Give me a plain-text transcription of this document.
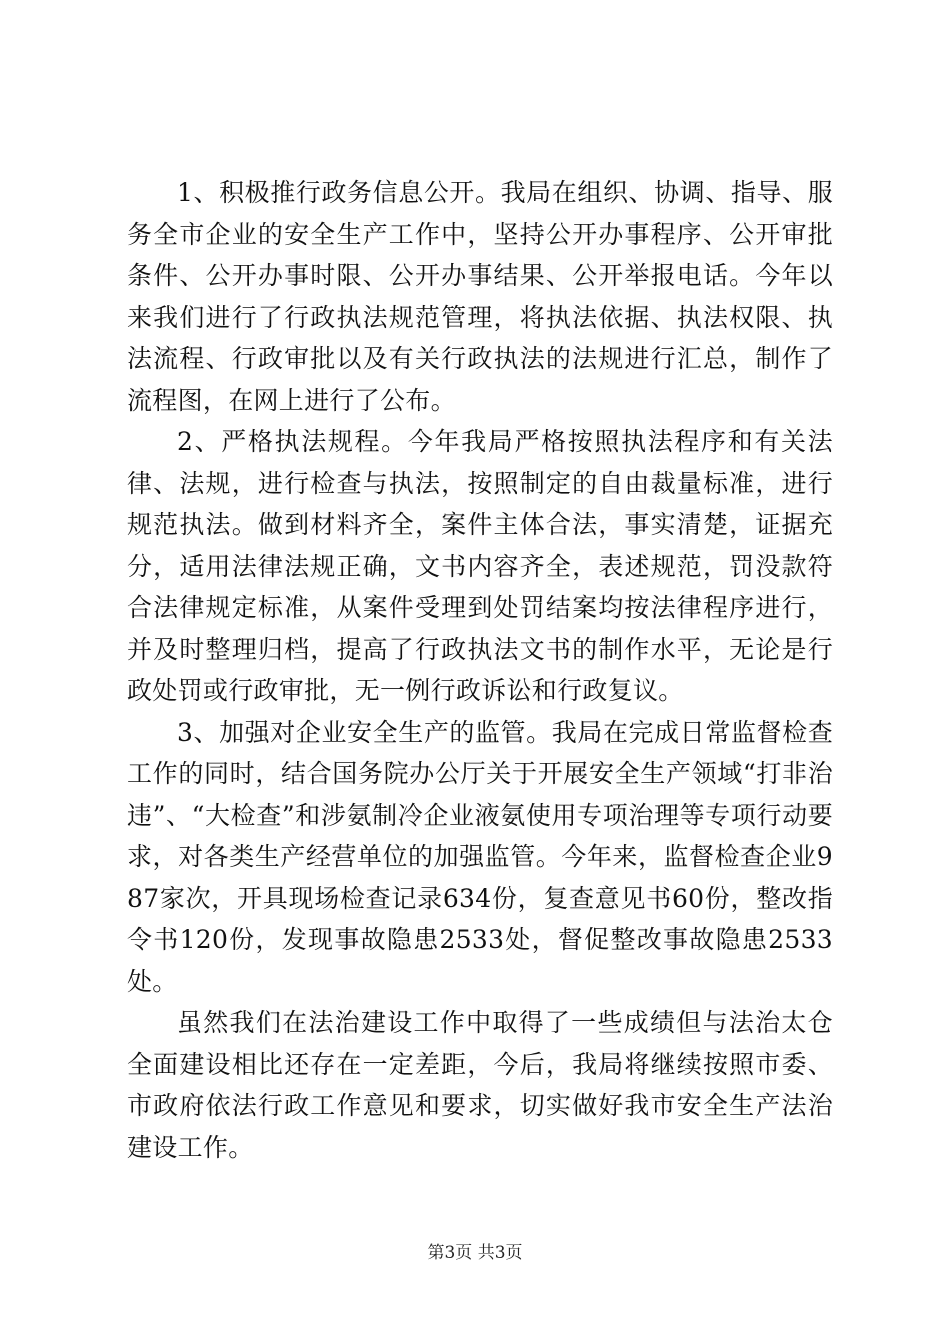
1、积极推行政务信息公开。我局在组织、协调、指导、服务全市企业的安全生产工作中，坚持公开办事程序、公开审批条件、公开办事时限、公开办事结果、公开举报电话。今年以来我们进行了行政执法规范管理，将执法依据、执法权限、执法流程、行政审批以及有关行政执法的法规进行汇总，制作了流程图，在网上进行了公布。

2、严格执法规程。今年我局严格按照执法程序和有关法律、法规，进行检查与执法，按照制定的自由裁量标准，进行规范执法。做到材料齐全，案件主体合法，事实清楚，证据充分，适用法律法规正确，文书内容齐全，表述规范，罚没款符合法律规定标准，从案件受理到处罚结案均按法律程序进行，并及时整理归档，提高了行政执法文书的制作水平，无论是行政处罚或行政审批，无一例行政诉讼和行政复议。

3、加强对企业安全生产的监管。我局在完成日常监督检查工作的同时，结合国务院办公厅关于开展安全生产领域“打非治违”、“大检查”和涉氨制冷企业液氨使用专项治理等专项行动要求，对各类生产经营单位的加强监管。今年来，监督检查企业987家次，开具现场检查记录634份，复查意见书60份，整改指令书120份，发现事故隐患2533处，督促整改事故隐患2533处。

虽然我们在法治建设工作中取得了一些成绩但与法治太仓全面建设相比还存在一定差距，今后，我局将继续按照市委、市政府依法行政工作意见和要求，切实做好我市安全生产法治建设工作。

第3页 共3页
